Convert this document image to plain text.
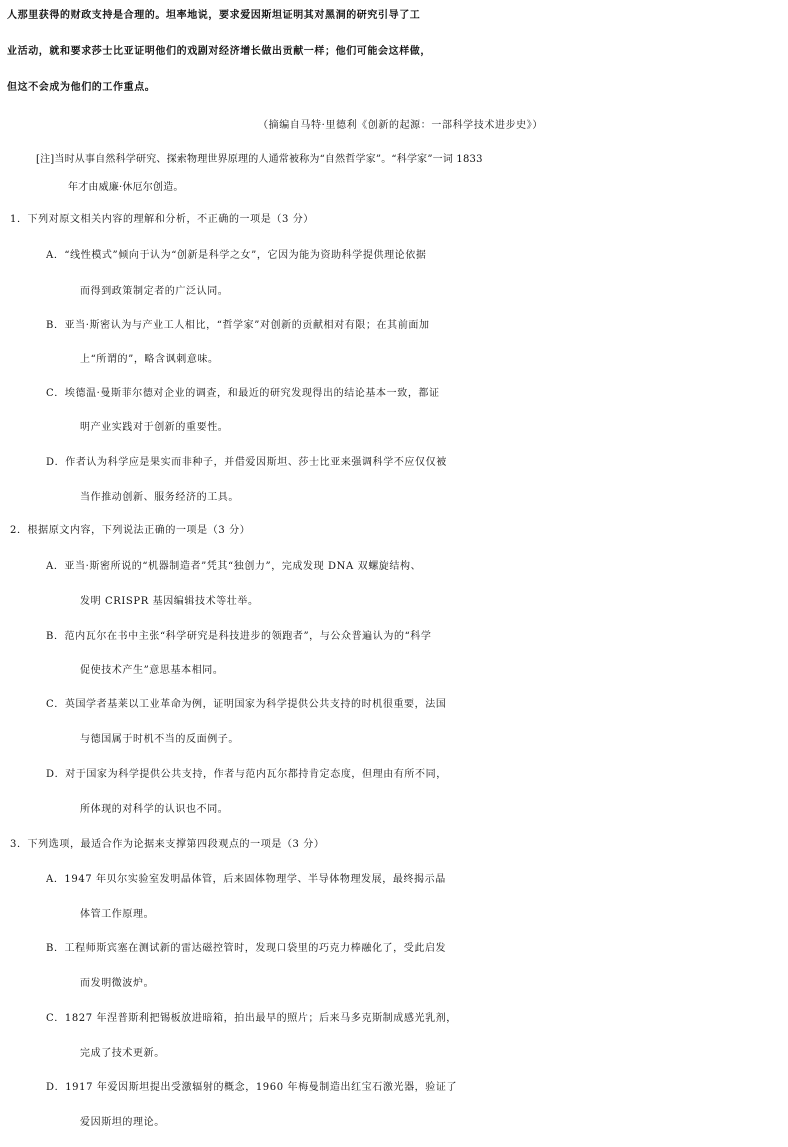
人那里获得的财政支持是合理的。坦率地说，要求爱因斯坦证明其对黑洞的研究引导了工
业活动，就和要求莎士比亚证明他们的戏剧对经济增长做出贡献一样；他们可能会这样做，
但这不会成为他们的工作重点。
（摘编自马特·里德利《创新的起源：一部科学技术进步史》）
[注]当时从事自然科学研究、探索物理世界原理的人通常被称为“自然哲学家”。“科学家”一词 1833
年才由威廉·休厄尔创造。
1．下列对原文相关内容的理解和分析，不正确的一项是（3 分）
A．“线性模式”倾向于认为“创新是科学之女”，它因为能为资助科学提供理论依据
而得到政策制定者的广泛认同。
B．亚当·斯密认为与产业工人相比，“哲学家”对创新的贡献相对有限；在其前面加
上“所谓的”，略含讽刺意味。
C．埃德温·曼斯菲尔德对企业的调查，和最近的研究发现得出的结论基本一致，都证
明产业实践对于创新的重要性。
D．作者认为科学应是果实而非种子，并借爱因斯坦、莎士比亚来强调科学不应仅仅被
当作推动创新、服务经济的工具。
2．根据原文内容，下列说法正确的一项是（3 分）
A．亚当·斯密所说的“机器制造者”凭其“独创力”，完成发现 DNA 双螺旋结构、
发明 CRISPR 基因编辑技术等壮举。
B．范内瓦尔在书中主张“科学研究是科技进步的领跑者”，与公众普遍认为的“科学
促使技术产生”意思基本相同。
C．英国学者基莱以工业革命为例，证明国家为科学提供公共支持的时机很重要，法国
与德国属于时机不当的反面例子。
D．对于国家为科学提供公共支持，作者与范内瓦尔都持肯定态度，但理由有所不同，
所体现的对科学的认识也不同。
3．下列选项，最适合作为论据来支撑第四段观点的一项是（3 分）
A．1947 年贝尔实验室发明晶体管，后来固体物理学、半导体物理发展，最终揭示晶
体管工作原理。
B．工程师斯宾塞在测试新的雷达磁控管时，发现口袋里的巧克力棒融化了，受此启发
而发明微波炉。
C．1827 年涅普斯利把锡板放进暗箱，拍出最早的照片；后来马多克斯制成感光乳剂，
完成了技术更新。
D．1917 年爱因斯坦提出受激辐射的概念，1960 年梅曼制造出红宝石激光器，验证了
爱因斯坦的理论。
